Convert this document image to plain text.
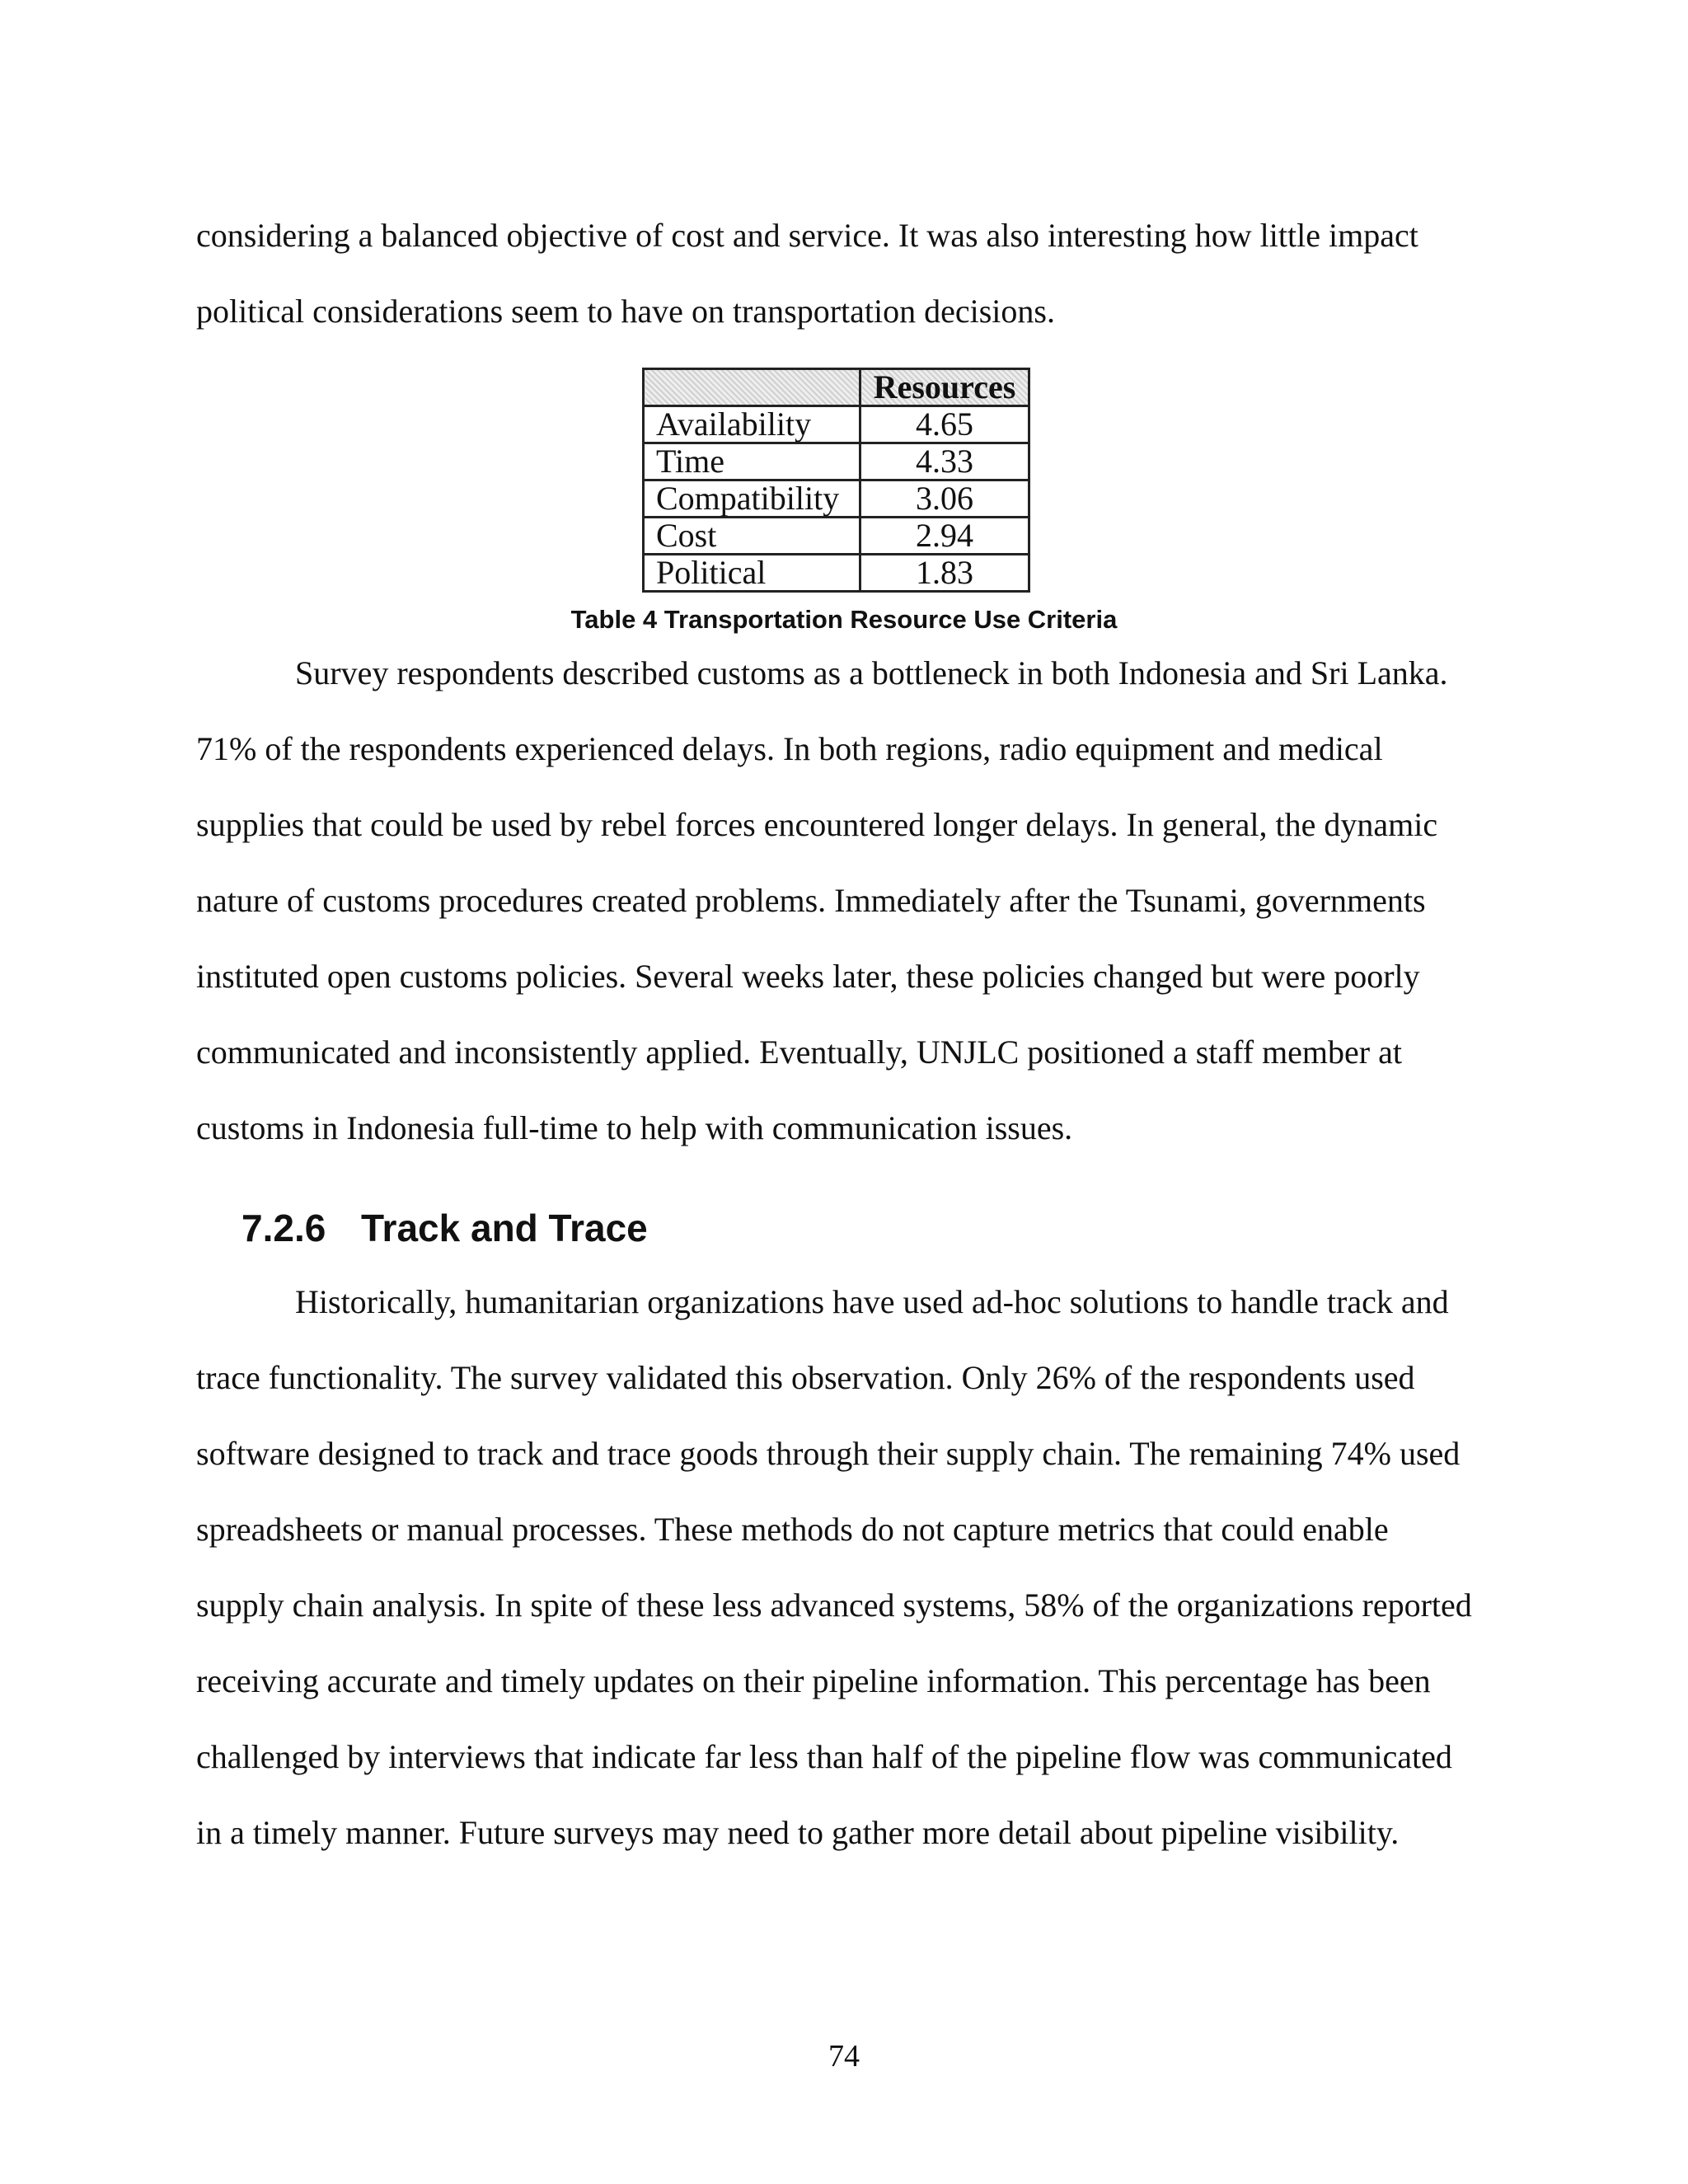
considering a balanced objective of cost and service. It was also interesting how little impact
political considerations seem to have on transportation decisions.
	Resources
Availability	4.65
Time	4.33
Compatibility	3.06
Cost	2.94
Political	1.83
Table 4 Transportation Resource Use Criteria
Survey respondents described customs as a bottleneck in both Indonesia and Sri Lanka.
71% of the respondents experienced delays. In both regions, radio equipment and medical
supplies that could be used by rebel forces encountered longer delays. In general, the dynamic
nature of customs procedures created problems. Immediately after the Tsunami, governments
instituted open customs policies. Several weeks later, these policies changed but were poorly
communicated and inconsistently applied. Eventually, UNJLC positioned a staff member at
customs in Indonesia full-time to help with communication issues.
7.2.6 Track and Trace
Historically, humanitarian organizations have used ad-hoc solutions to handle track and
trace functionality. The survey validated this observation. Only 26% of the respondents used
software designed to track and trace goods through their supply chain. The remaining 74% used
spreadsheets or manual processes. These methods do not capture metrics that could enable
supply chain analysis. In spite of these less advanced systems, 58% of the organizations reported
receiving accurate and timely updates on their pipeline information. This percentage has been
challenged by interviews that indicate far less than half of the pipeline flow was communicated
in a timely manner. Future surveys may need to gather more detail about pipeline visibility.
74
